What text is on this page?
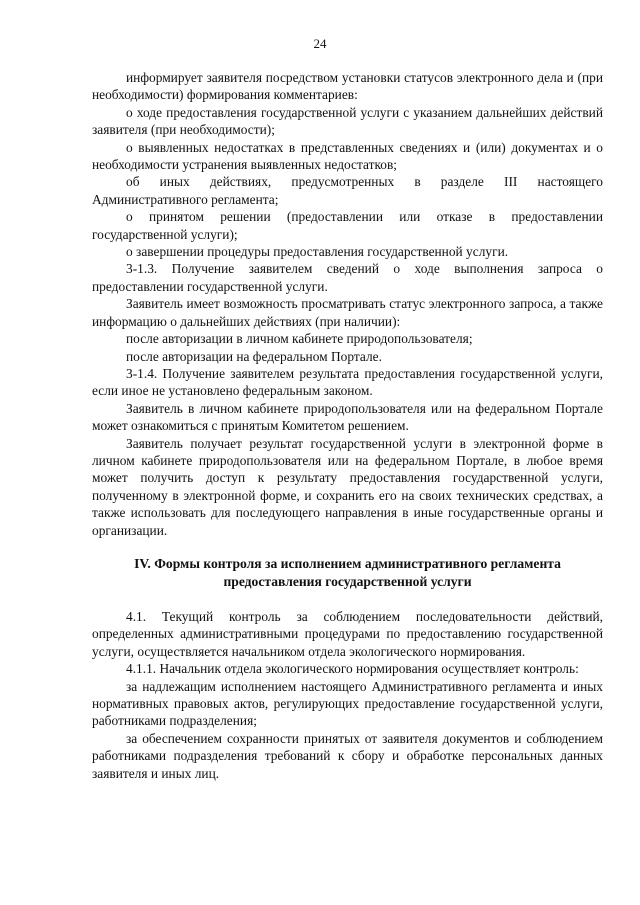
24

информирует заявителя посредством установки статусов электронного дела и (при необходимости) формирования комментариев:

о ходе предоставления государственной услуги с указанием дальнейших действий заявителя (при необходимости);

о выявленных недостатках в представленных сведениях и (или) документах и о необходимости устранения выявленных недостатков;

об иных действиях, предусмотренных в разделе III настоящего Административного регламента;

о принятом решении (предоставлении или отказе в предоставлении государственной услуги);

о завершении процедуры предоставления государственной услуги.

3-1.3. Получение заявителем сведений о ходе выполнения запроса о предоставлении государственной услуги.

Заявитель имеет возможность просматривать статус электронного запроса, а также информацию о дальнейших действиях (при наличии):

после авторизации в личном кабинете природопользователя;

после авторизации на федеральном Портале.

3-1.4. Получение заявителем результата предоставления государственной услуги, если иное не установлено федеральным законом.

Заявитель в личном кабинете природопользователя или на федеральном Портале может ознакомиться с принятым Комитетом решением.

Заявитель получает результат государственной услуги в электронной форме в личном кабинете природопользователя или на федеральном Портале, в любое время может получить доступ к результату предоставления государственной услуги, полученному в электронной форме, и сохранить его на своих технических средствах, а также использовать для последующего направления в иные государственные органы и организации.

IV. Формы контроля за исполнением административного регламента
предоставления государственной услуги

4.1. Текущий контроль за соблюдением последовательности действий, определенных административными процедурами по предоставлению государственной услуги, осуществляется начальником отдела экологического нормирования.

4.1.1. Начальник отдела экологического нормирования осуществляет контроль:

за надлежащим исполнением настоящего Административного регламента и иных нормативных правовых актов, регулирующих предоставление государственной услуги, работниками подразделения;

за обеспечением сохранности принятых от заявителя документов и соблюдением работниками подразделения требований к сбору и обработке персональных данных заявителя и иных лиц.
